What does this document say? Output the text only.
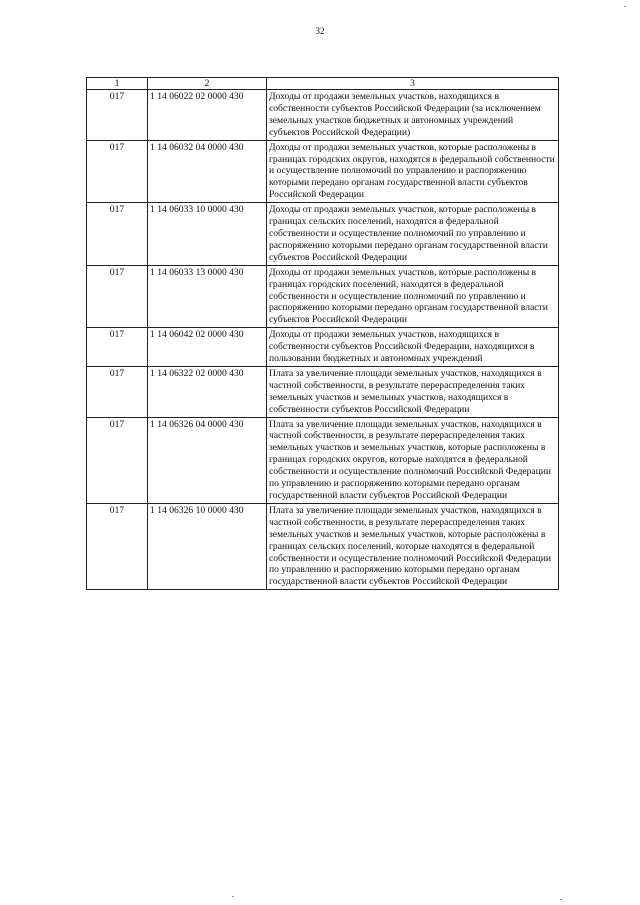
32
1	2	3
017	1 14 06022 02 0000 430	Доходы от продажи земельных участков, находящихся в собственности субъектов Российской Федерации (за исключением земельных участков бюджетных и автономных учреждений субъектов Российской Федерации)
017	1 14 06032 04 0000 430	Доходы от продажи земельных участков, которые расположены в границах городских округов, находятся в федеральной собственности и осуществление полномочий по управлению и распоряжению которыми передано органам государственной власти субъектов Российской Федерации
017	1 14 06033 10 0000 430	Доходы от продажи земельных участков, которые расположены в границах сельских поселений, находятся в федеральной собственности и осуществление полномочий по управлению и распоряжению которыми передано органам государственной власти субъектов Российской Федерации
017	1 14 06033 13 0000 430	Доходы от продажи земельных участков, которые расположены в границах городских поселений, находятся в федеральной собственности и осуществление полномочий по управлению и распоряжению которыми передано органам государственной власти субъектов Российской Федерации
017	1 14 06042 02 0000 430	Доходы от продажи земельных участков, находящихся в собственности субъектов Российской Федерации, находящихся в пользовании бюджетных и автономных учреждений
017	1 14 06322 02 0000 430	Плата за увеличение площади земельных участков, находящихся в частной собственности, в результате перераспределения таких земельных участков и земельных участков, находящихся в собственности субъектов Российской Федерации
017	1 14 06326 04 0000 430	Плата за увеличение площади земельных участков, находящихся в частной собственности, в результате перераспределения таких земельных участков и земельных участков, которые расположены в границах городских округов, которые находятся в федеральной собственности и осуществление полномочий Российской Федерации по управлению и распоряжению которыми передано органам государственной власти субъектов Российской Федерации
017	1 14 06326 10 0000 430	Плата за увеличение площади земельных участков, находящихся в частной собственности, в результате перераспределения таких земельных участков и земельных участков, которые расположены в границах сельских поселений, которые находятся в федеральной собственности и осуществление полномочий Российской Федерации по управлению и распоряжению которыми передано органам государственной власти субъектов Российской Федерации
